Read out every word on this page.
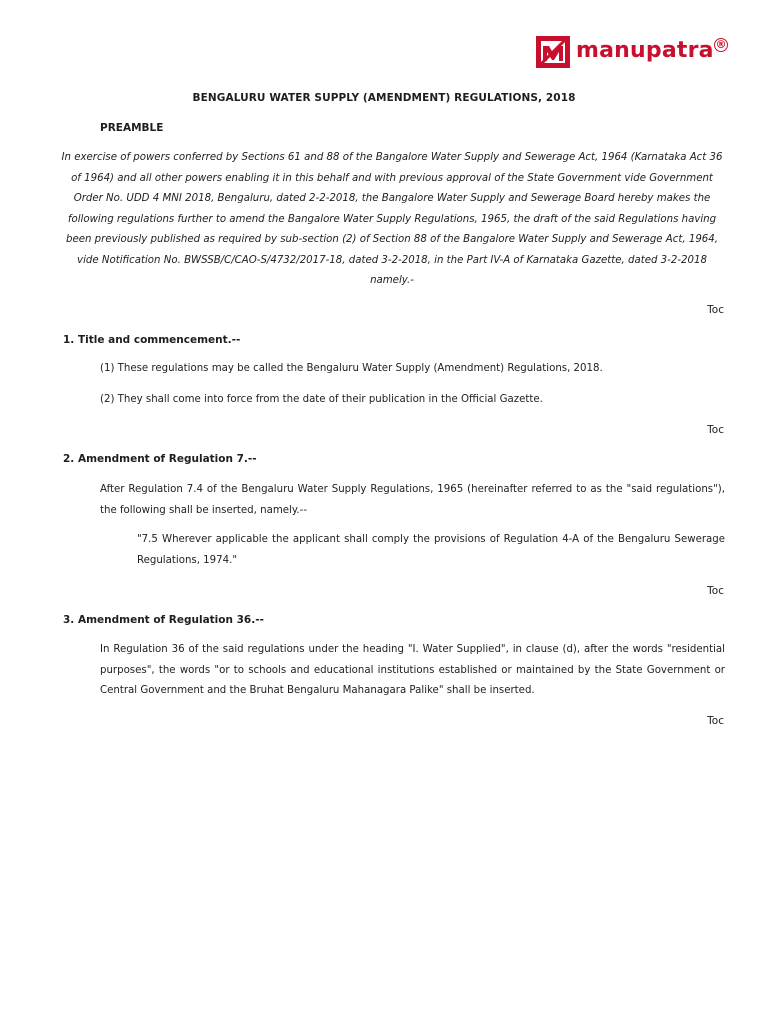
manupatra ®
BENGALURU WATER SUPPLY (AMENDMENT) REGULATIONS, 2018
PREAMBLE
In exercise of powers conferred by Sections 61 and 88 of the Bangalore Water Supply and Sewerage Act, 1964 (Karnataka Act 36 of 1964) and all other powers enabling it in this behalf and with previous approval of the State Government vide Government Order No. UDD 4 MNI 2018, Bengaluru, dated 2-2-2018, the Bangalore Water Supply and Sewerage Board hereby makes the following regulations further to amend the Bangalore Water Supply Regulations, 1965, the draft of the said Regulations having been previously published as required by sub-section (2) of Section 88 of the Bangalore Water Supply and Sewerage Act, 1964, vide Notification No. BWSSB/C/CAO-S/4732/2017-18, dated 3-2-2018, in the Part IV-A of Karnataka Gazette, dated 3-2-2018 namely.-
Toc
1. Title and commencement.--
(1) These regulations may be called the Bengaluru Water Supply (Amendment) Regulations, 2018.
(2) They shall come into force from the date of their publication in the Official Gazette.
Toc
2. Amendment of Regulation 7.--
After Regulation 7.4 of the Bengaluru Water Supply Regulations, 1965 (hereinafter referred to as the "said regulations"), the following shall be inserted, namely.--
"7.5 Wherever applicable the applicant shall comply the provisions of Regulation 4-A of the Bengaluru Sewerage Regulations, 1974."
Toc
3. Amendment of Regulation 36.--
In Regulation 36 of the said regulations under the heading "I. Water Supplied", in clause (d), after the words "residential purposes", the words "or to schools and educational institutions established or maintained by the State Government or Central Government and the Bruhat Bengaluru Mahanagara Palike" shall be inserted.
Toc
